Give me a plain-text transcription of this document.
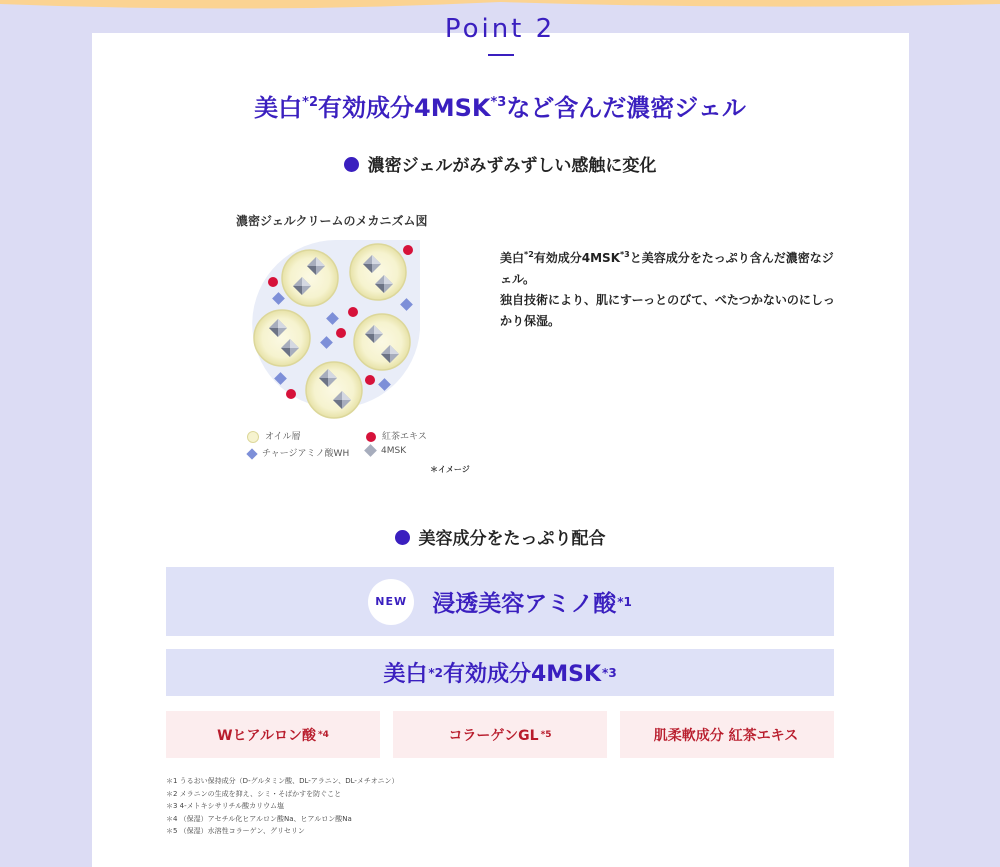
Point 2
美白$^{*2}$有効成分4MSK$^{*3}$など含んだ濃密ジェル
濃密ジェルがみずみずしい感触に変化
濃密ジェルクリームのメカニズム図
オイル層	紅茶エキス
チャージアミノ酸WH	4MSK
＊イメージ
美白$^{*2}$有効成分4MSK$^{*3}$と美容成分をたっぷり含んだ濃密なジェル。
独自技術により、肌にすーっとのびて、べたつかないのにしっかり保湿。
美容成分をたっぷり配合
NEW	浸透美容アミノ酸 *1
美白 *2 有効成分4MSK *3
Wヒアルロン酸 *4	コラーゲンGL *5	肌柔軟成分 紅茶エキス
＊1 うるおい保持成分（D-グルタミン酸、DL-アラニン、DL-メチオニン）
＊2 メラニンの生成を抑え、シミ・そばかすを防ぐこと
＊3 4-メトキシサリチル酸カリウム塩
＊4 （保湿）アセチル化ヒアルロン酸Na、ヒアルロン酸Na
＊5 （保湿）水溶性コラーゲン、グリセリン
